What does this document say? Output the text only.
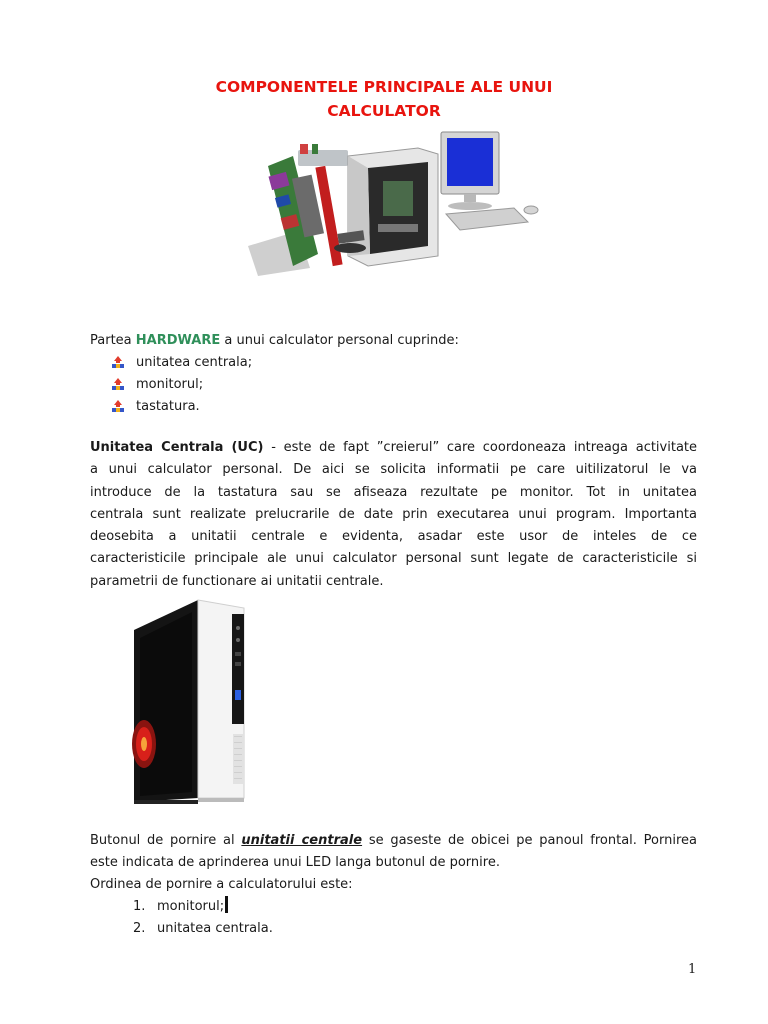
COMPONENTELE PRINCIPALE ALE UNUI
CALCULATOR
Partea HARDWARE a unui calculator personal cuprinde:
unitatea centrala;
monitorul;
tastatura.
Unitatea Centrala (UC) - este de fapt ”creierul” care coordoneaza intreaga activitate
a unui calculator personal. De aici se solicita informatii pe care uitilizatorul le va
introduce de la tastatura sau se afiseaza rezultate pe monitor. Tot in unitatea
centrala sunt realizate prelucrarile de date prin executarea unui program. Importanta
deosebita a unitatii centrale e evidenta, asadar este usor de inteles de ce
caracteristicile principale ale unui calculator personal sunt legate de caracteristicile si
parametrii de functionare ai unitatii centrale.
Butonul de pornire al unitatii centrale se gaseste de obicei pe panoul frontal. Pornirea
este indicata de aprinderea unui LED langa butonul de pornire.
Ordinea de pornire a calculatorului este:
1. monitorul;
2. unitatea centrala.
1
